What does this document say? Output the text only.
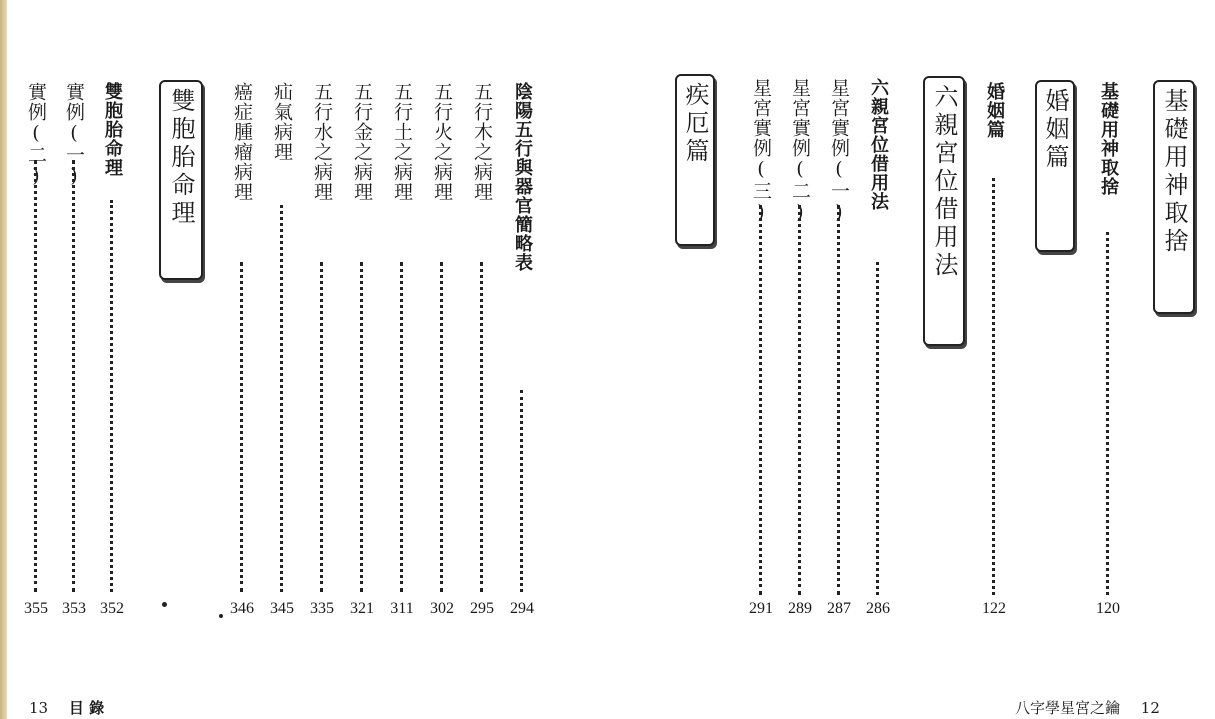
實例(二)
355
實例(一)
353
雙胞胎命理
352
雙胞胎命理 癌症腫瘤病理
346
疝氣病理
345
五行水之病理
335
五行金之病理
321
五行土之病理
311
五行火之病理
302
五行木之病理
295
陰陽五行與器官簡略表
294
13 目 錄
疾厄篇 星宮實例(三)
291
星宮實例(二)
289
星宮實例(一)
287
六親宮位借用法
286
六親宮位借用法 婚姻篇
122
婚姻篇 基礎用神取捨
120
基礎用神取捨
八字學星宮之鑰 12
